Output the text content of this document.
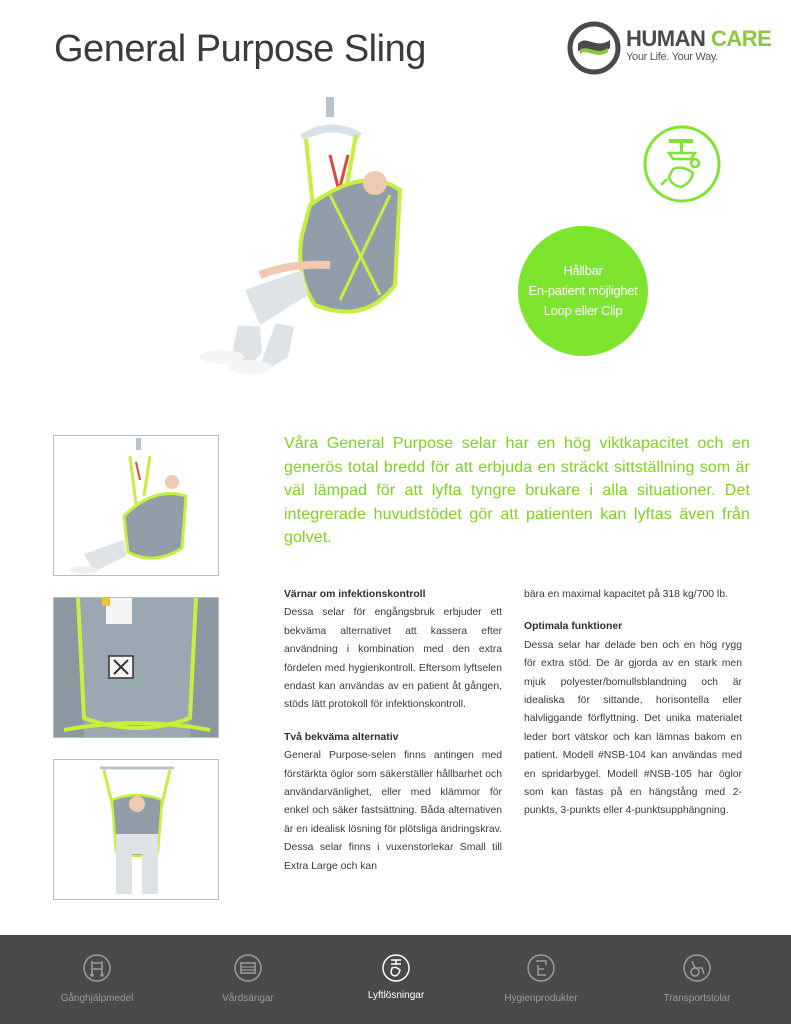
General Purpose Sling	HUMAN CARE
Your Life. Your Way.
Hållbar
En-patient möjlighet
Loop eller Clip

Våra General Purpose selar har en hög viktkapacitet och en generös total bredd för att erbjuda en sträckt sittställning som är väl lämpad för att lyfta tyngre brukare i alla situationer. Det integrerade huvudstödet gör att patienten kan lyftas även från golvet.

Värnar om infektionskontroll

Dessa selar för engångsbruk erbjuder ett bekväma alternativet att kassera efter användning i kombination med den extra fördelen med hygienkontroll. Eftersom lyftselen endast kan användas av en patient åt gången, stöds lätt protokoll för infektionskontroll.

Två bekväma alternativ

General Purpose-selen finns antingen med förstärkta öglor som säkerställer hållbarhet och användarvänlighet, eller med klämmor för enkel och säker fastsättning. Båda alternativen är en idealisk lösning för plötsliga ändringskrav. Dessa selar finns i vuxenstorlekar Small till Extra Large och kan

bära en maximal kapacitet på 318 kg/700 lb.

Optimala funktioner

Dessa selar har delade ben och en hög rygg för extra stöd. De är gjorda av en stark men mjuk polyester/bomullsblandning och är idealiska för sittande, horisontella eller halvliggande förflyttning. Det unika materialet leder bort vätskor och kan lämnas bakom en patient. Modell #NSB-104 kan användas med en spridarbygel. Modell #NSB-105 har öglor som kan fästas på en hängstång med 2-punkts, 3-punkts eller 4-punktsupphängning.

Gånghjälpmedel	Vårdsängar	Lyftlösningar	Hygienprodukter	Transportstolar
